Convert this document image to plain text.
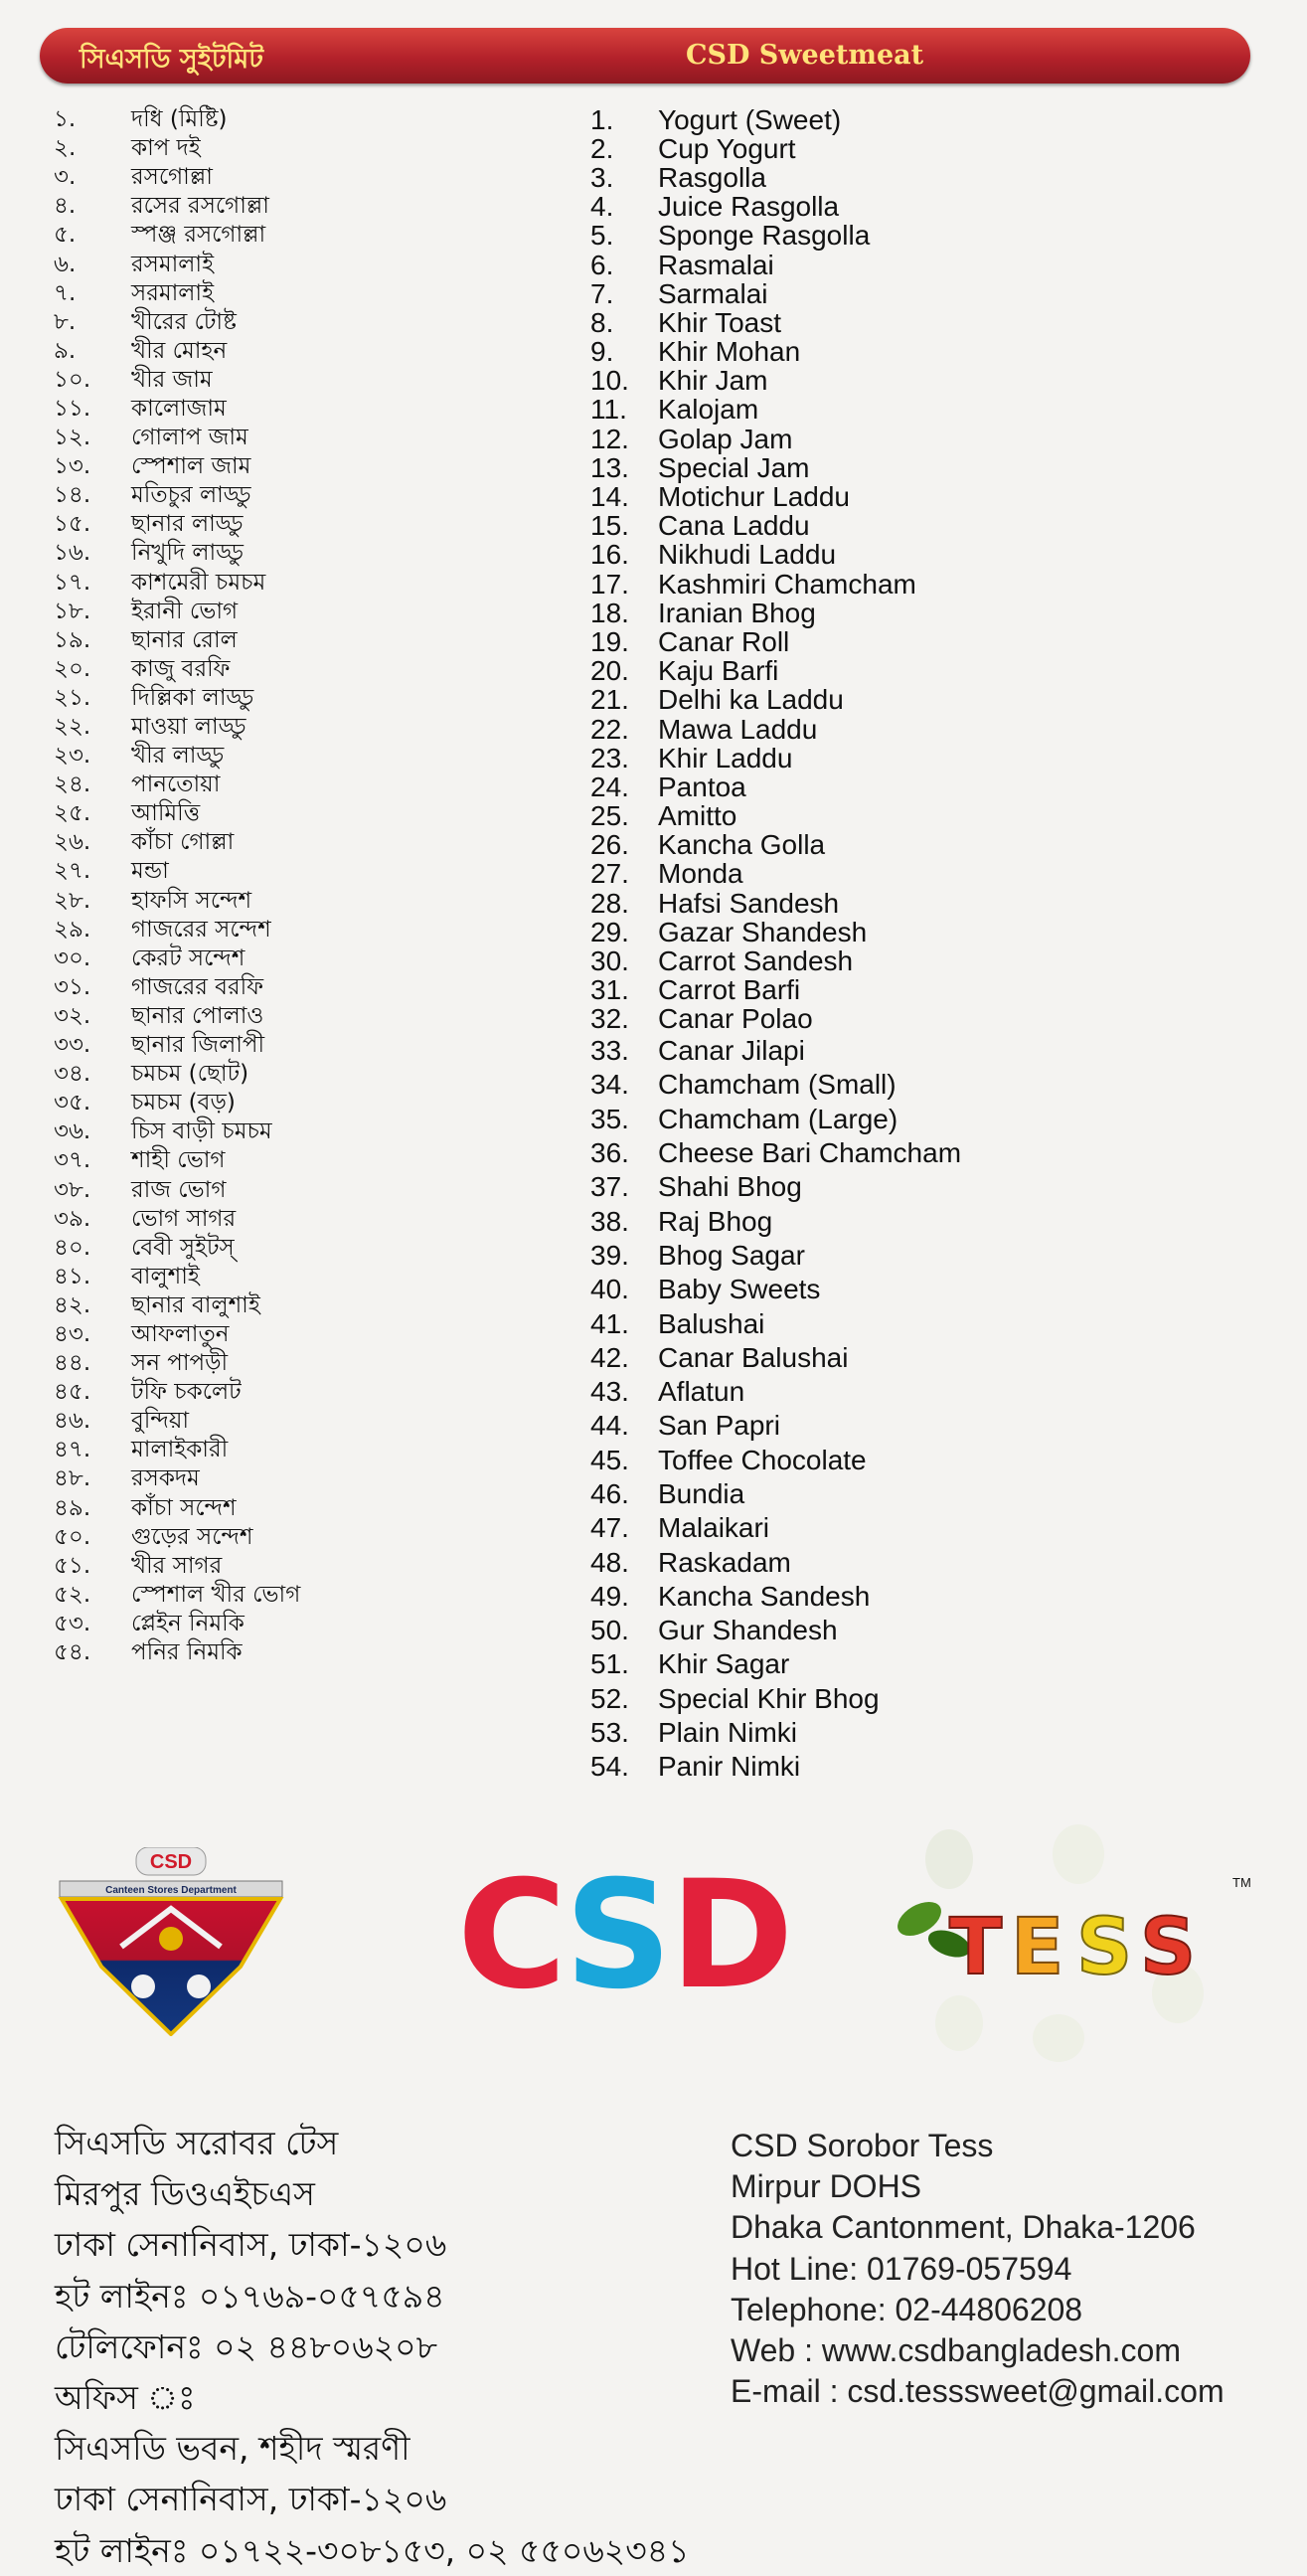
সিএসডি সুইটমিট	CSD Sweetmeat
১.	দধি (মিষ্টি)
২.	কাপ দই
৩.	রসগোল্লা
৪.	রসের রসগোল্লা
৫.	স্পঞ্জ রসগোল্লা
৬.	রসমালাই
৭.	সরমালাই
৮.	খীরের টোষ্ট
৯.	খীর মোহন
১০.	খীর জাম
১১.	কালোজাম
১২.	গোলাপ জাম
১৩.	স্পেশাল জাম
১৪.	মতিচুর লাড্ডু
১৫.	ছানার লাড্ডু
১৬.	নিখুদি লাড্ডু
১৭.	কাশমেরী চমচম
১৮.	ইরানী ভোগ
১৯.	ছানার রোল
২০.	কাজু বরফি
২১.	দিল্লিকা লাড্ডু
২২.	মাওয়া লাড্ডু
২৩.	খীর লাড্ডু
২৪.	পানতোয়া
২৫.	আমিত্তি
২৬.	কাঁচা গোল্লা
২৭.	মন্ডা
২৮.	হাফসি সন্দেশ
২৯.	গাজরের সন্দেশ
৩০.	কেরট সন্দেশ
৩১.	গাজরের বরফি
৩২.	ছানার পোলাও
৩৩.	ছানার জিলাপী
৩৪.	চমচম (ছোট)
৩৫.	চমচম (বড়)
৩৬.	চিস বাড়ী চমচম
৩৭.	শাহী ভোগ
৩৮.	রাজ ভোগ
৩৯.	ভোগ সাগর
৪০.	বেবী সুইটস্
৪১.	বালুশাই
৪২.	ছানার বালুশাই
৪৩.	আফলাতুন
৪৪.	সন পাপড়ী
৪৫.	টফি চকলেট
৪৬.	বুন্দিয়া
৪৭.	মালাইকারী
৪৮.	রসকদম
৪৯.	কাঁচা সন্দেশ
৫০.	গুড়ের সন্দেশ
৫১.	খীর সাগর
৫২.	স্পেশাল খীর ভোগ
৫৩.	প্লেইন নিমকি
৫৪.	পনির নিমকি
1.	Yogurt (Sweet)
2.	Cup Yogurt
3.	Rasgolla
4.	Juice Rasgolla
5.	Sponge Rasgolla
6.	Rasmalai
7.	Sarmalai
8.	Khir Toast
9.	Khir Mohan
10.	Khir Jam
11.	Kalojam
12.	Golap Jam
13.	Special Jam
14.	Motichur Laddu
15.	Cana Laddu
16.	Nikhudi Laddu
17.	Kashmiri Chamcham
18.	Iranian Bhog
19.	Canar Roll
20.	Kaju Barfi
21.	Delhi ka Laddu
22.	Mawa Laddu
23.	Khir Laddu
24.	Pantoa
25.	Amitto
26.	Kancha Golla
27.	Monda
28.	Hafsi Sandesh
29.	Gazar Shandesh
30.	Carrot Sandesh
31.	Carrot Barfi
32.	Canar Polao
33.	Canar Jilapi
34.	Chamcham (Small)
35.	Chamcham (Large)
36.	Cheese Bari Chamcham
37.	Shahi Bhog
38.	Raj Bhog
39.	Bhog Sagar
40.	Baby Sweets
41.	Balushai
42.	Canar Balushai
43.	Aflatun
44.	San Papri
45.	Toffee Chocolate
46.	Bundia
47.	Malaikari
48.	Raskadam
49.	Kancha Sandesh
50.	Gur Shandesh
51.	Khir Sagar
52.	Special Khir Bhog
53.	Plain Nimki
54.	Panir Nimki
CSD
Canteen Stores Department C
S
D T E S S
TM
সিএসডি সরোবর টেস
মিরপুর ডিওএইচএস
ঢাকা সেনানিবাস, ঢাকা-১২০৬
হট লাইনঃ ০১৭৬৯-০৫৭৫৯৪
টেলিফোনঃ ০২ ৪৪৮০৬২০৮
অফিস ঃ
সিএসডি ভবন, শহীদ স্মরণী
ঢাকা সেনানিবাস, ঢাকা-১২০৬
হট লাইনঃ ০১৭২২-৩০৮১৫৩, ০২ ৫৫০৬২৩৪১
CSD Sorobor Tess
Mirpur DOHS
Dhaka Cantonment, Dhaka-1206
Hot Line: 01769-057594
Telephone: 02-44806208
Web : www.csdbangladesh.com
E-mail : csd.tesssweet@gmail.com
